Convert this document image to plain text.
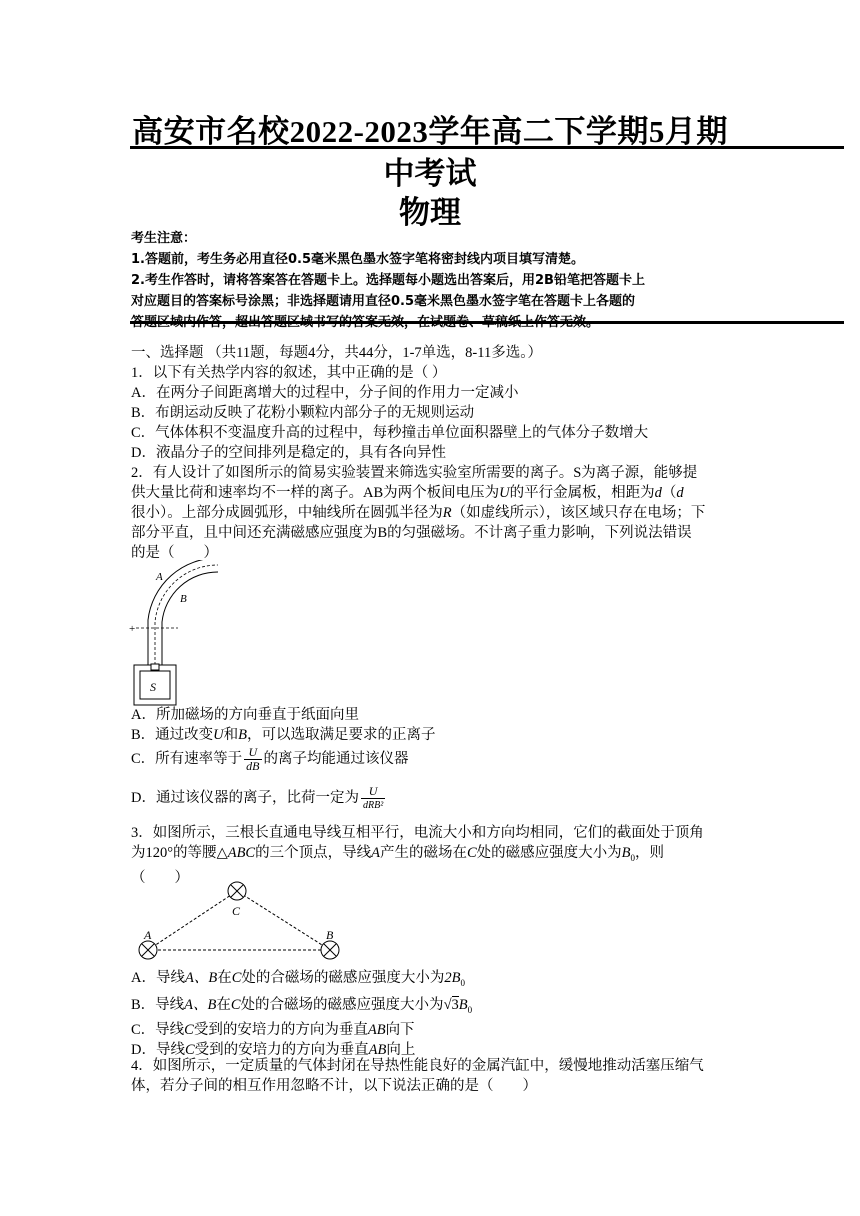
高安市名校2022-2023学年高二下学期5月期
中考试
物理
考生注意：
1.答题前，考生务必用直径0.5毫米黑色墨水签字笔将密封线内项目填写清楚。
2.考生作答时，请将答案答在答题卡上。选择题每小题选出答案后，用2B铅笔把答题卡上
对应题目的答案标号涂黑；非选择题请用直径0.5毫米黑色墨水签字笔在答题卡上各题的
答题区域内作答，超出答题区域书写的答案无效，在试题卷、草稿纸上作答无效。
一、选择题 （共11题，每题4分，共44分，1-7单选，8-11多选。）
1．以下有关热学内容的叙述，其中正确的是（ ）
A．在两分子间距离增大的过程中，分子间的作用力一定减小
B．布朗运动反映了花粉小颗粒内部分子的无规则运动
C．气体体积不变温度升高的过程中，每秒撞击单位面积器壁上的气体分子数增大
D．液晶分子的空间排列是稳定的，具有各向异性
2．有人设计了如图所示的简易实验装置来筛选实验室所需要的离子。S为离子源，能够提
供大量比荷和速率均不一样的离子。AB为两个板间电压为U的平行金属板，相距为d（d
很小）。上部分成圆弧形，中轴线所在圆弧半径为R（如虚线所示），该区域只存在电场；下
部分平直，且中间还充满磁感应强度为B的匀强磁场。不计离子重力影响，下列说法错误
的是（　　）
S
A
B
+
A．所加磁场的方向垂直于纸面向里
B．通过改变U和B，可以选取满足要求的正离子
C．所有速率等于 $\frac{U}{dB}$ 的离子均能通过该仪器
D．通过该仪器的离子，比荷一定为 $\frac{U}{\text{dRB²}}$
3．如图所示，三根长直通电导线互相平行，电流大小和方向均相同，它们的截面处于顶角
为120°的等腰△ABC的三个顶点，导线A产生的磁场在C处的磁感应强度大小为$B_0$，则
（　　）
C
A	B
A．导线A、B在C处的合磁场的磁感应强度大小为$2B_0$
B．导线A、B在C处的合磁场的磁感应强度大小为$√3B_0$
C．导线C受到的安培力的方向为垂直AB向下
D．导线C受到的安培力的方向为垂直AB向上
4．如图所示，一定质量的气体封闭在导热性能良好的金属汽缸中，缓慢地推动活塞压缩气
体，若分子间的相互作用忽略不计，以下说法正确的是（　　）
